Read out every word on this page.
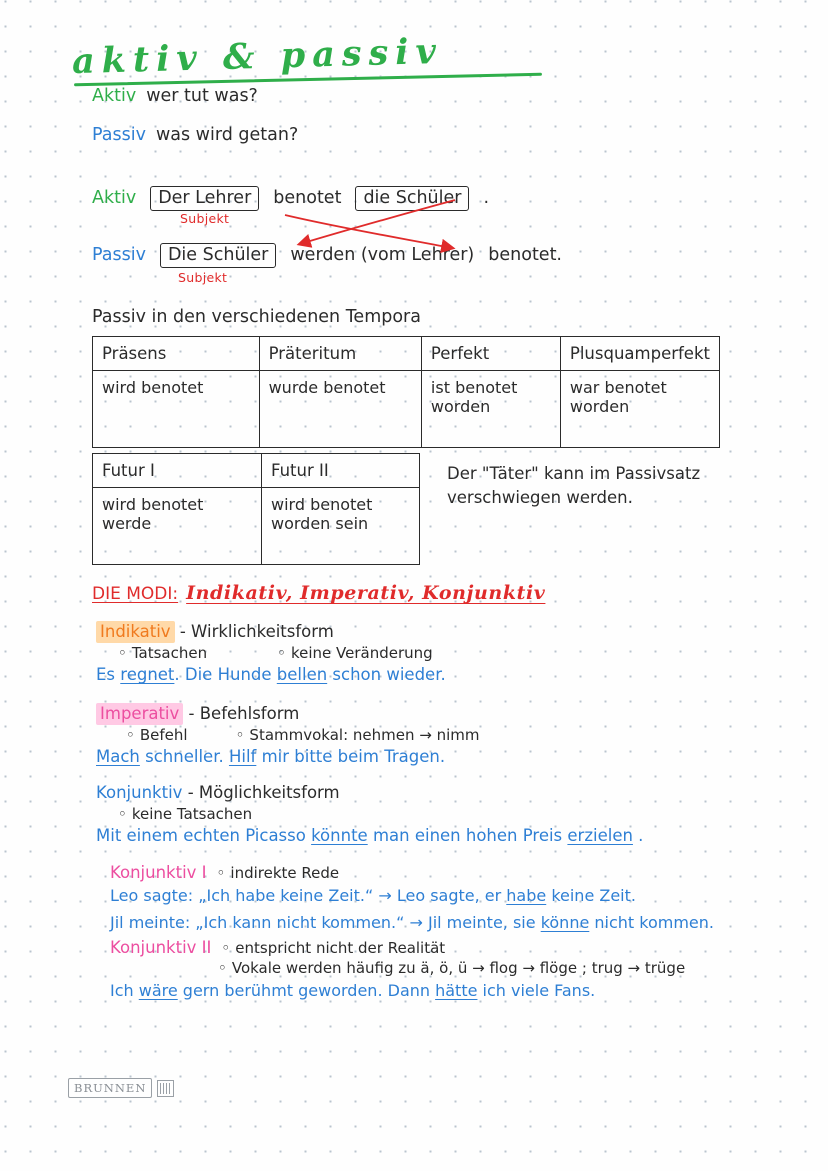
aktiv & passiv
Aktiv wer tut was?
Passiv was wird getan?
Aktiv	Der Lehrer	benotet	die Schüler	.
Subjekt
Passiv	Die Schüler	werden (vom Lehrer) benotet.
Subjekt
Passiv in den verschiedenen Tempora
Präsens	Präteritum	Perfekt	Plusquamperfekt
wird benotet	wurde benotet	ist benotet worden	war benotet worden
Futur I	Futur II
wird benotet werde	wird benotet worden sein
Der "Täter" kann im Passivsatz verschwiegen werden.
DIE MODI: Indikativ, Imperativ, Konjunktiv
Indikativ - Wirklichkeitsform
◦ Tatsachen	◦ keine Veränderung
Es regnet. Die Hunde bellen schon wieder.
Imperativ - Befehlsform
◦ Befehl	◦ Stammvokal: nehmen → nimm
Mach schneller. Hilf mir bitte beim Tragen.
Konjunktiv - Möglichkeitsform
◦ keine Tatsachen
Mit einem echten Picasso könnte man einen hohen Preis erzielen .
Konjunktiv I	◦ indirekte Rede
Leo sagte: „Ich habe keine Zeit.“ → Leo sagte, er habe keine Zeit.
Jil meinte: „Ich kann nicht kommen.“ → Jil meinte, sie könne nicht kommen.
Konjunktiv II	◦ entspricht nicht der Realität
◦ Vokale werden häufig zu ä, ö, ü → flog → flöge ; trug → trüge
Ich wäre gern berühmt geworden. Dann hätte ich viele Fans.
BRUNNEN
